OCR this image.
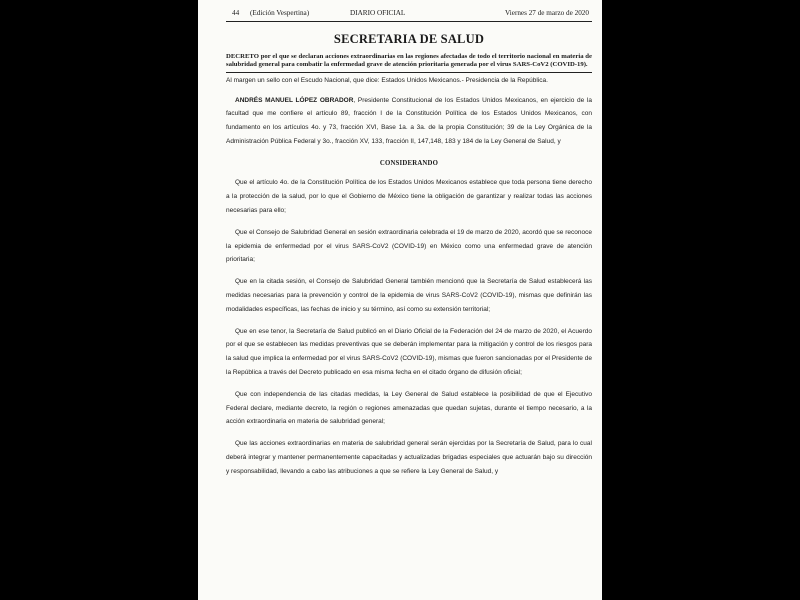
44	(Edición Vespertina)	DIARIO OFICIAL	Viernes 27 de marzo de 2020
SECRETARIA DE SALUD

DECRETO por el que se declaran acciones extraordinarias en las regiones afectadas de todo el territorio nacional en materia de salubridad general para combatir la enfermedad grave de atención prioritaria generada por el virus SARS-CoV2 (COVID-19).

Al margen un sello con el Escudo Nacional, que dice: Estados Unidos Mexicanos.- Presidencia de la República.

ANDRÉS MANUEL LÓPEZ OBRADOR, Presidente Constitucional de los Estados Unidos Mexicanos, en ejercicio de la facultad que me confiere el artículo 89, fracción I de la Constitución Política de los Estados Unidos Mexicanos, con fundamento en los artículos 4o. y 73, fracción XVI, Base 1a. a 3a. de la propia Constitución; 39 de la Ley Orgánica de la Administración Pública Federal y 3o., fracción XV, 133, fracción II, 147,148, 183 y 184 de la Ley General de Salud, y

CONSIDERANDO

Que el artículo 4o. de la Constitución Política de los Estados Unidos Mexicanos establece que toda persona tiene derecho a la protección de la salud, por lo que el Gobierno de México tiene la obligación de garantizar y realizar todas las acciones necesarias para ello;

Que el Consejo de Salubridad General en sesión extraordinaria celebrada el 19 de marzo de 2020, acordó que se reconoce la epidemia de enfermedad por el virus SARS-CoV2 (COVID-19) en México como una enfermedad grave de atención prioritaria;

Que en la citada sesión, el Consejo de Salubridad General también mencionó que la Secretaría de Salud establecerá las medidas necesarias para la prevención y control de la epidemia de virus SARS-CoV2 (COVID-19), mismas que definirán las modalidades específicas, las fechas de inicio y su término, así como su extensión territorial;

Que en ese tenor, la Secretaría de Salud publicó en el Diario Oficial de la Federación del 24 de marzo de 2020, el Acuerdo por el que se establecen las medidas preventivas que se deberán implementar para la mitigación y control de los riesgos para la salud que implica la enfermedad por el virus SARS-CoV2 (COVID-19), mismas que fueron sancionadas por el Presidente de la República a través del Decreto publicado en esa misma fecha en el citado órgano de difusión oficial;

Que con independencia de las citadas medidas, la Ley General de Salud establece la posibilidad de que el Ejecutivo Federal declare, mediante decreto, la región o regiones amenazadas que quedan sujetas, durante el tiempo necesario, a la acción extraordinaria en materia de salubridad general;

Que las acciones extraordinarias en materia de salubridad general serán ejercidas por la Secretaría de Salud, para lo cual deberá integrar y mantener permanentemente capacitadas y actualizadas brigadas especiales que actuarán bajo su dirección y responsabilidad, llevando a cabo las atribuciones a que se refiere la Ley General de Salud, y
